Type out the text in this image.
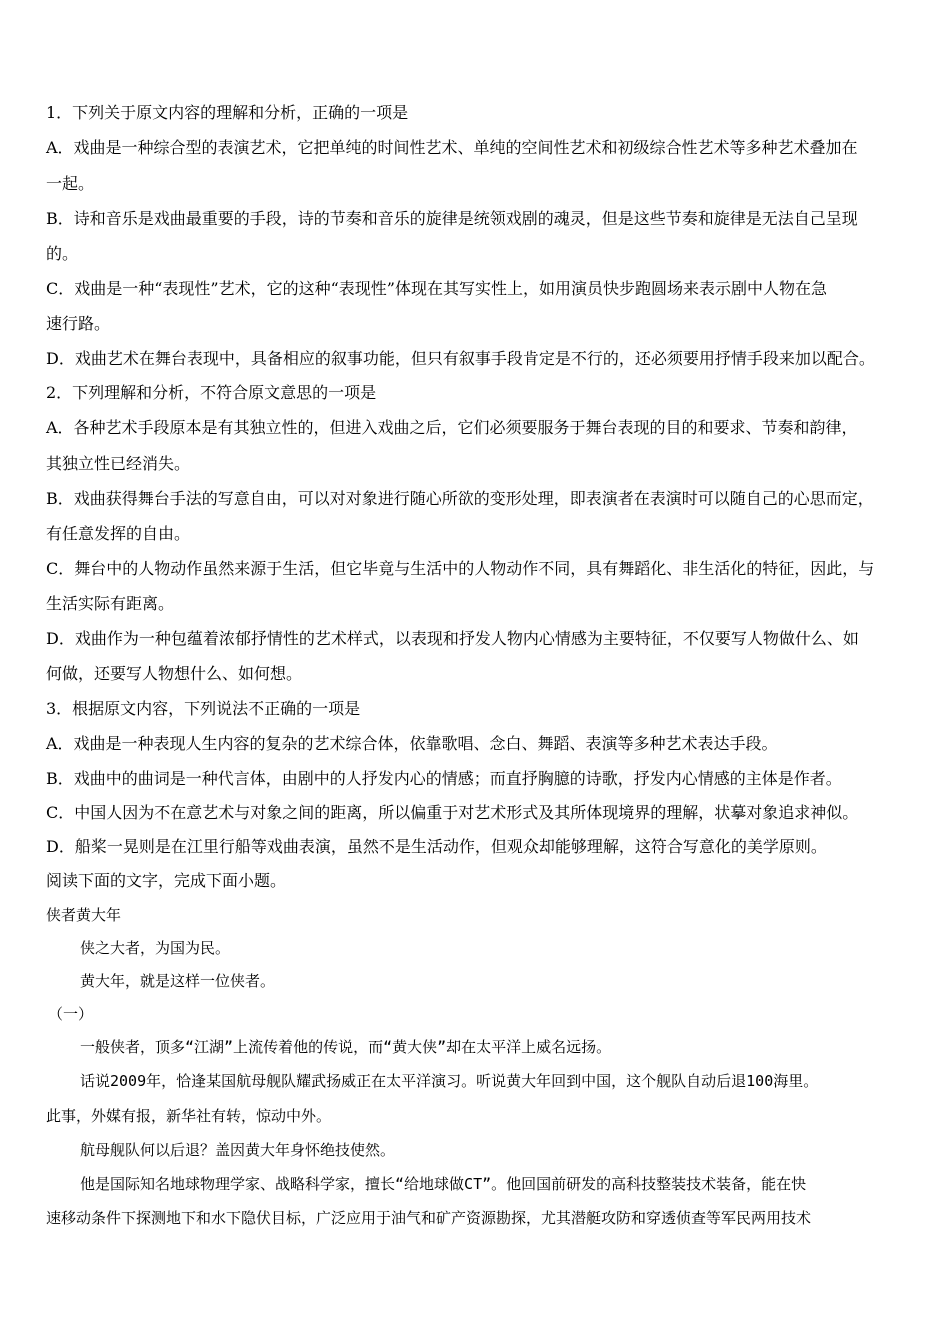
1．下列关于原文内容的理解和分析，正确的一项是
A．戏曲是一种综合型的表演艺术，它把单纯的时间性艺术、单纯的空间性艺术和初级综合性艺术等多种艺术叠加在
一起。
B．诗和音乐是戏曲最重要的手段，诗的节奏和音乐的旋律是统领戏剧的魂灵，但是这些节奏和旋律是无法自己呈现
的。
C．戏曲是一种“表现性”艺术，它的这种“表现性”体现在其写实性上，如用演员快步跑圆场来表示剧中人物在急
速行路。
D．戏曲艺术在舞台表现中，具备相应的叙事功能，但只有叙事手段肯定是不行的，还必须要用抒情手段来加以配合。
2．下列理解和分析，不符合原文意思的一项是
A．各种艺术手段原本是有其独立性的，但进入戏曲之后，它们必须要服务于舞台表现的目的和要求、节奏和韵律，
其独立性已经消失。
B．戏曲获得舞台手法的写意自由，可以对对象进行随心所欲的变形处理，即表演者在表演时可以随自己的心思而定，
有任意发挥的自由。
C．舞台中的人物动作虽然来源于生活，但它毕竟与生活中的人物动作不同，具有舞蹈化、非生活化的特征，因此，与
生活实际有距离。
D．戏曲作为一种包蕴着浓郁抒情性的艺术样式，以表现和抒发人物内心情感为主要特征，不仅要写人物做什么、如
何做，还要写人物想什么、如何想。
3．根据原文内容，下列说法不正确的一项是
A．戏曲是一种表现人生内容的复杂的艺术综合体，依靠歌唱、念白、舞蹈、表演等多种艺术表达手段。
B．戏曲中的曲词是一种代言体，由剧中的人抒发内心的情感；而直抒胸臆的诗歌，抒发内心情感的主体是作者。
C．中国人因为不在意艺术与对象之间的距离，所以偏重于对艺术形式及其所体现境界的理解，状摹对象追求神似。
D．船桨一晃则是在江里行船等戏曲表演，虽然不是生活动作，但观众却能够理解，这符合写意化的美学原则。
阅读下面的文字，完成下面小题。
侠者黄大年
侠之大者，为国为民。
黄大年，就是这样一位侠者。
（一）
一般侠者，顶多“江湖”上流传着他的传说，而“黄大侠”却在太平洋上威名远扬。
话说2009年，恰逢某国航母舰队耀武扬威正在太平洋演习。听说黄大年回到中国，这个舰队自动后退100海里。
此事，外媒有报，新华社有转，惊动中外。
航母舰队何以后退？盖因黄大年身怀绝技使然。
他是国际知名地球物理学家、战略科学家，擅长“给地球做CT”。他回国前研发的高科技整装技术装备，能在快
速移动条件下探测地下和水下隐伏目标，广泛应用于油气和矿产资源勘探，尤其潜艇攻防和穿透侦查等军民两用技术
